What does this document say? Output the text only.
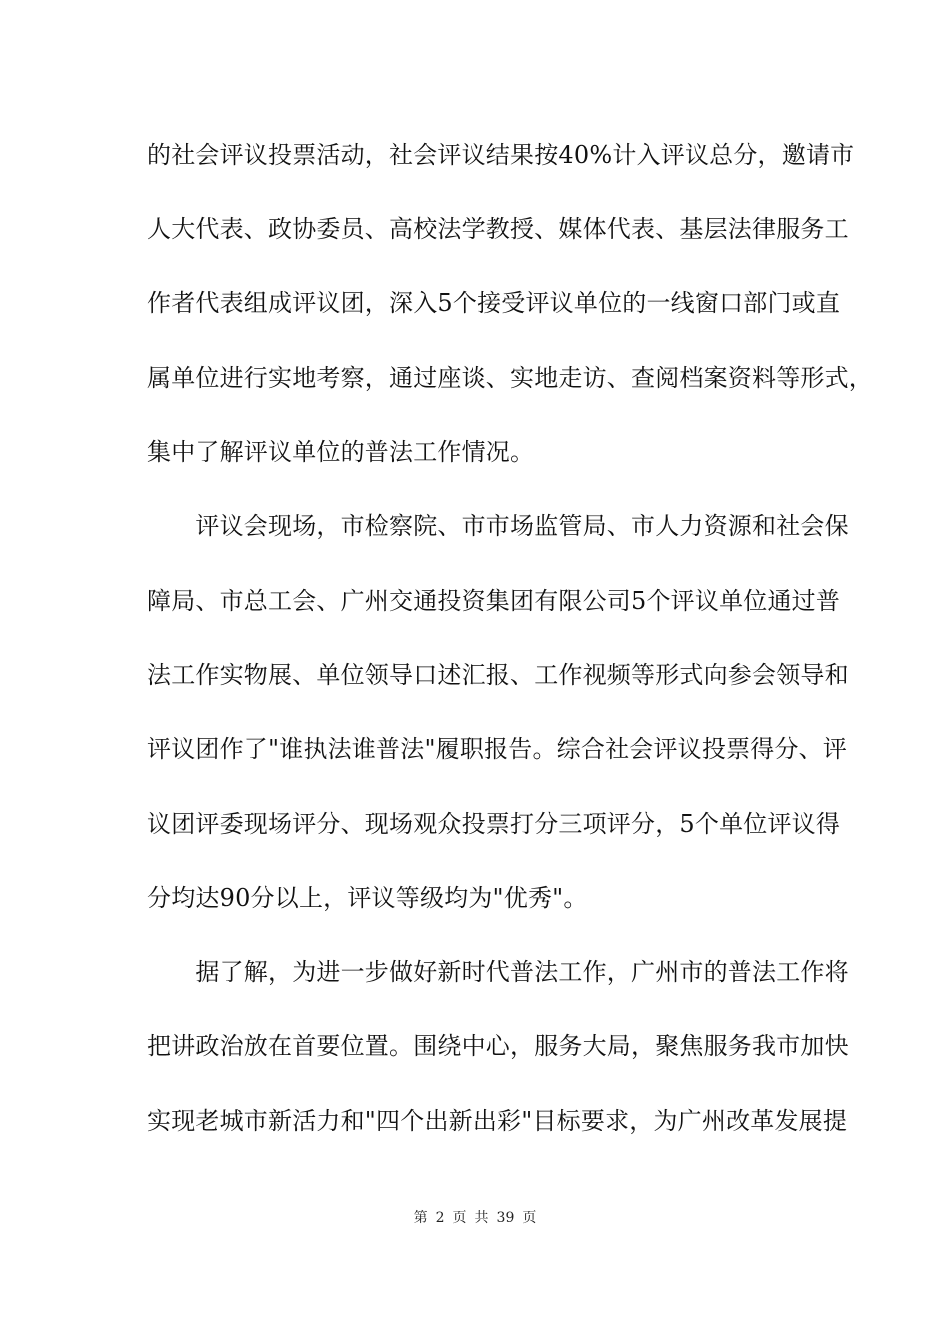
的社会评议投票活动，社会评议结果按40%计入评议总分，邀请市
人大代表、政协委员、高校法学教授、媒体代表、基层法律服务工
作者代表组成评议团，深入5个接受评议单位的一线窗口部门或直
属单位进行实地考察，通过座谈、实地走访、查阅档案资料等形式，
集中了解评议单位的普法工作情况。
　　评议会现场，市检察院、市市场监管局、市人力资源和社会保
障局、市总工会、广州交通投资集团有限公司5个评议单位通过普
法工作实物展、单位领导口述汇报、工作视频等形式向参会领导和
评议团作了"谁执法谁普法"履职报告。综合社会评议投票得分、评
议团评委现场评分、现场观众投票打分三项评分，5个单位评议得
分均达90分以上，评议等级均为"优秀"。
　　据了解，为进一步做好新时代普法工作，广州市的普法工作将
把讲政治放在首要位置。围绕中心，服务大局，聚焦服务我市加快
实现老城市新活力和"四个出新出彩"目标要求，为广州改革发展提
第 2 页 共 39 页
